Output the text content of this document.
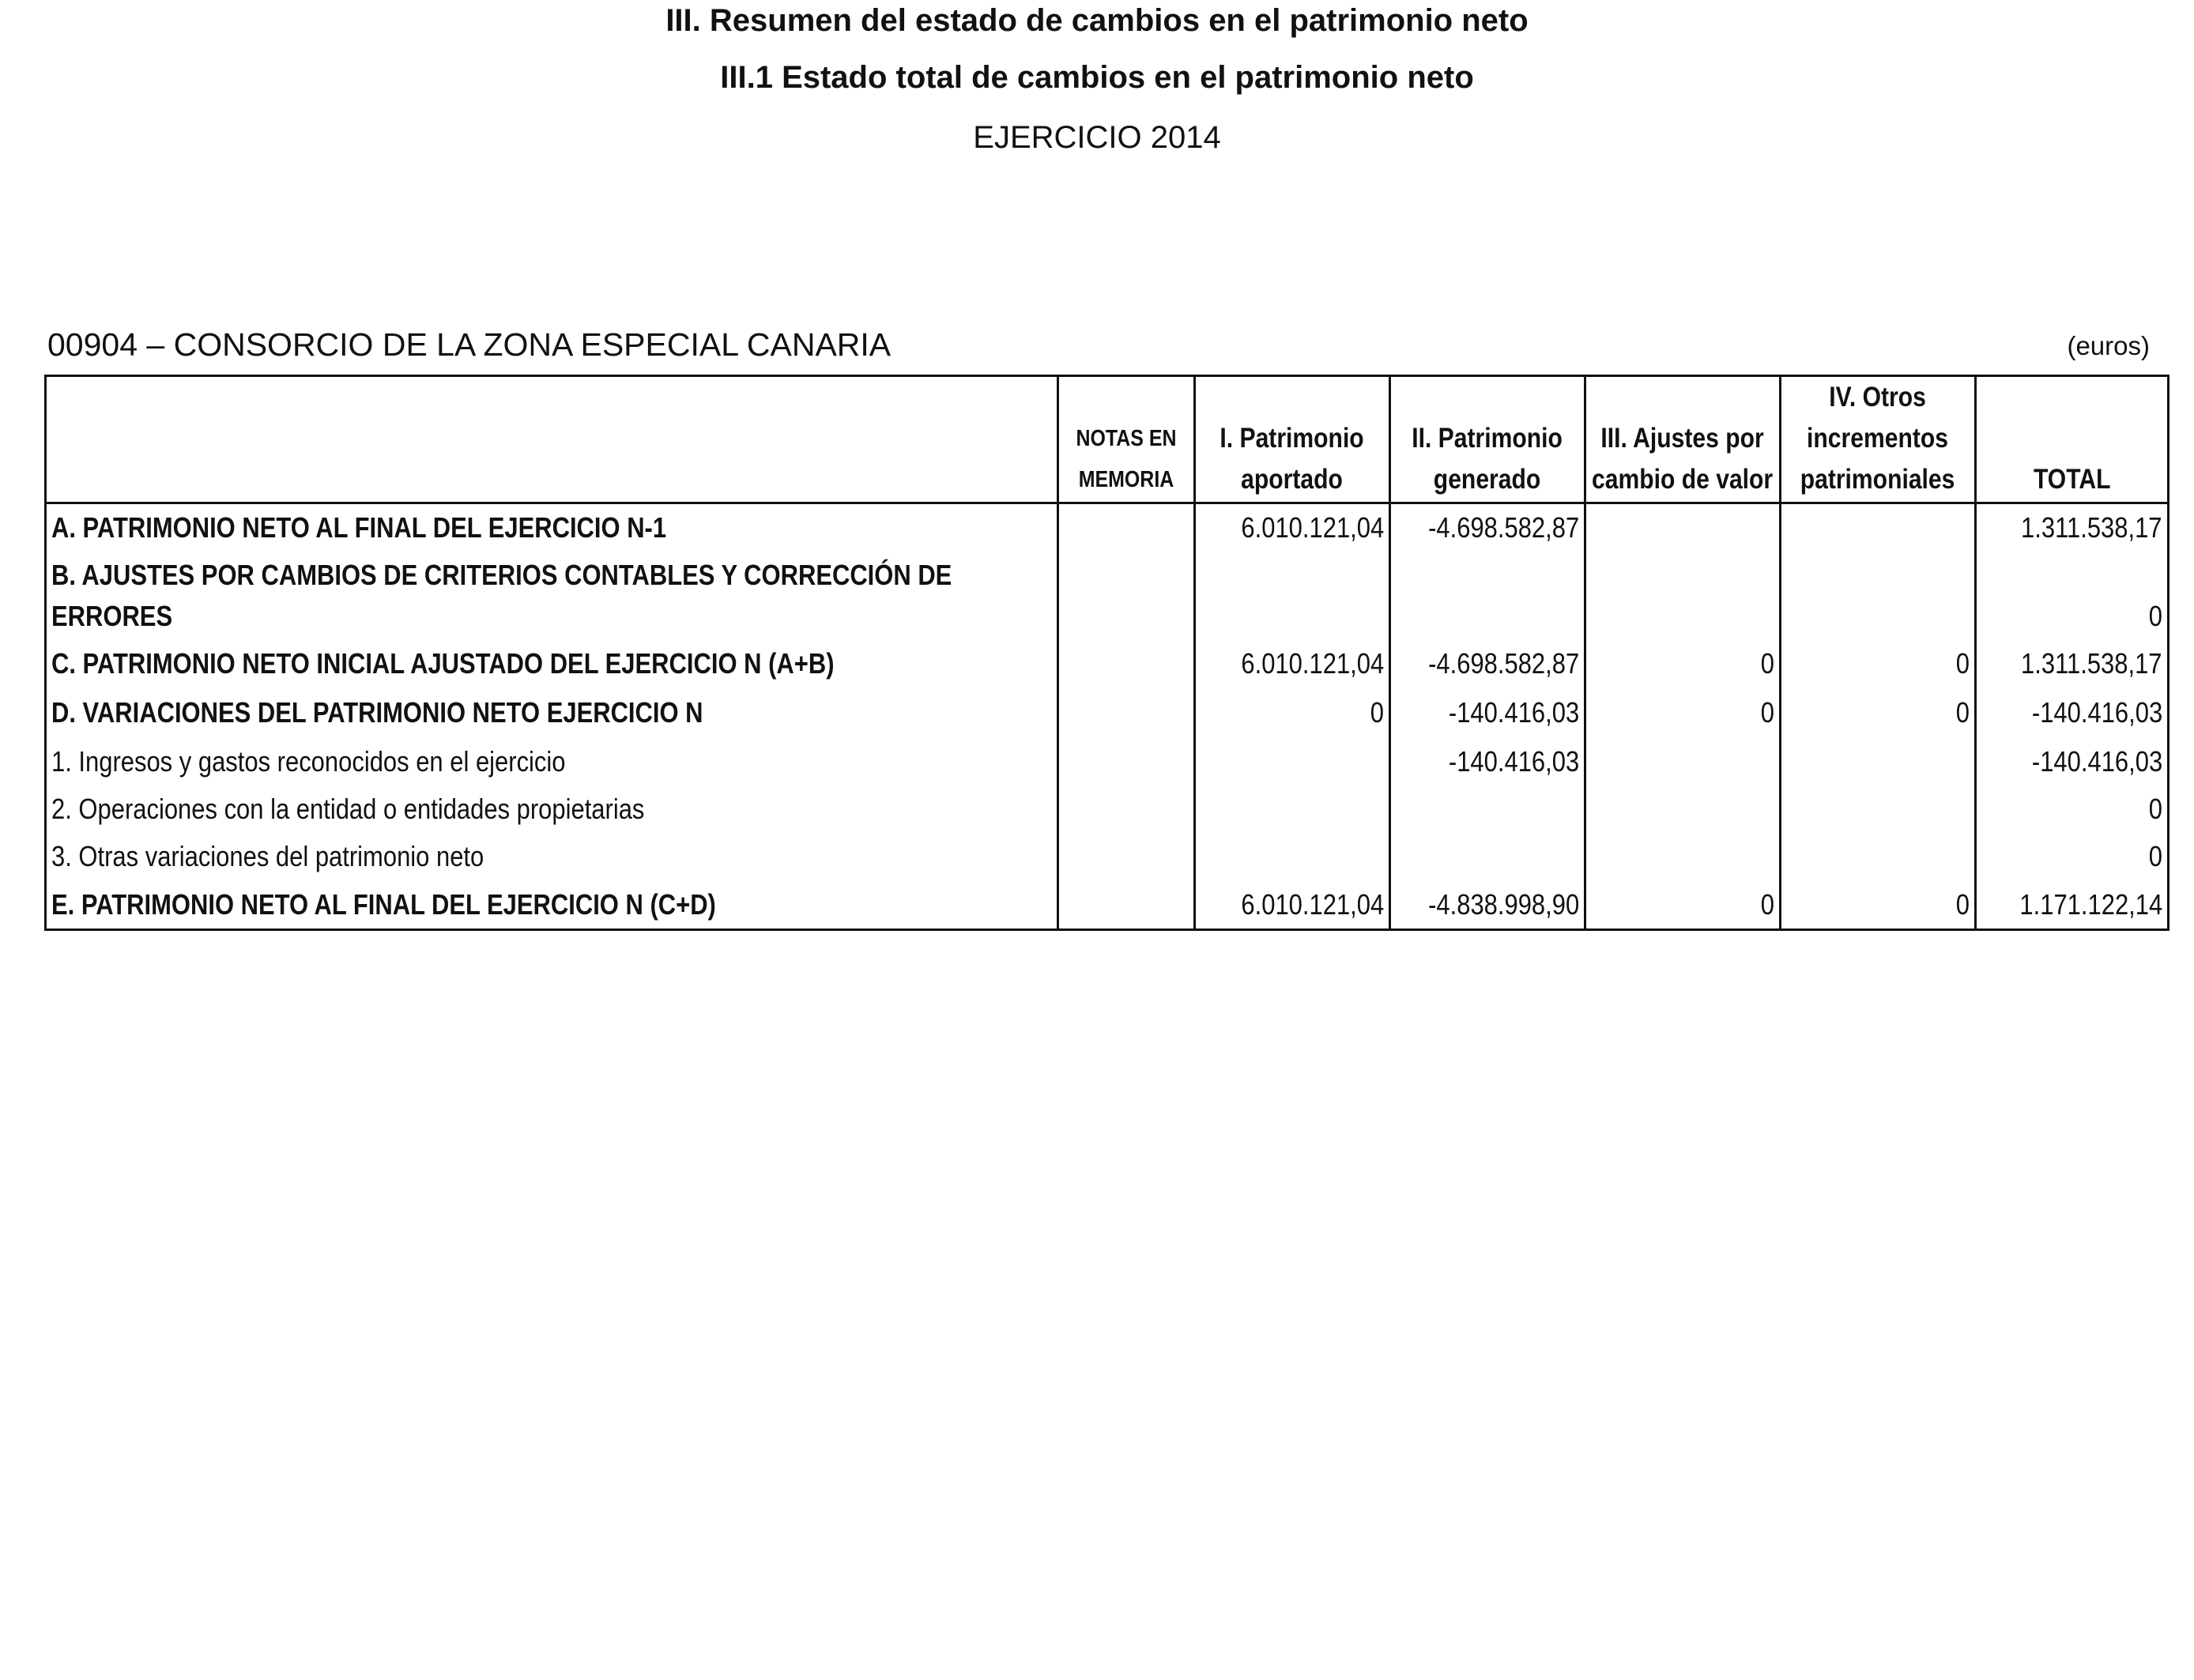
III. Resumen del estado de cambios en el patrimonio neto
III.1 Estado total de cambios en el patrimonio neto
EJERCICIO 2014
00904 – CONSORCIO DE LA ZONA ESPECIAL CANARIA	(euros)
	NOTAS EN MEMORIA	I. Patrimonio aportado	II. Patrimonio generado	III. Ajustes por cambio de valor	IV. Otros incrementos patrimoniales	TOTAL
A. PATRIMONIO NETO AL FINAL DEL EJERCICIO N-1		6.010.121,04	-4.698.582,87			1.311.538,17
B. AJUSTES POR CAMBIOS DE CRITERIOS CONTABLES Y CORRECCIÓN DE ERRORES						0
C. PATRIMONIO NETO INICIAL AJUSTADO DEL EJERCICIO N (A+B)		6.010.121,04	-4.698.582,87	0	0	1.311.538,17
D. VARIACIONES DEL PATRIMONIO NETO EJERCICIO N		0	-140.416,03	0	0	-140.416,03
1. Ingresos y gastos reconocidos en el ejercicio			-140.416,03			-140.416,03
2. Operaciones con la entidad o entidades propietarias						0
3. Otras variaciones del patrimonio neto						0
E. PATRIMONIO NETO AL FINAL DEL EJERCICIO N (C+D)		6.010.121,04	-4.838.998,90	0	0	1.171.122,14
